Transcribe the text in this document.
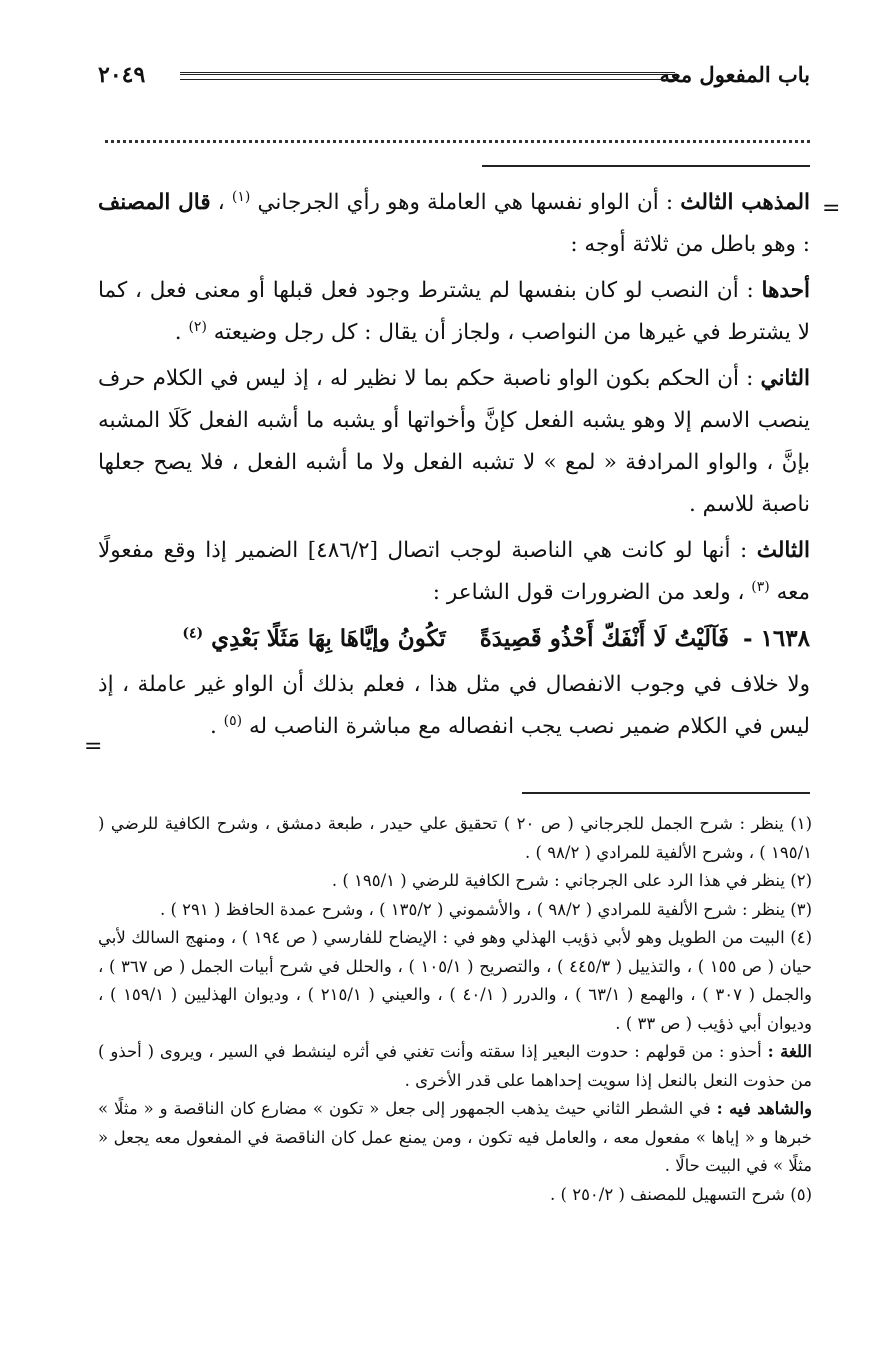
باب المفعول معه
٢٠٤٩
=
=

المذهب الثالث : أن الواو نفسها هي العاملة وهو رأي الجرجاني $^{(١)}$ ، قال المصنف : وهو باطل من ثلاثة أوجه :

أحدها : أن النصب لو كان بنفسها لم يشترط وجود فعل قبلها أو معنى فعل ، كما لا يشترط في غيرها من النواصب ، ولجاز أن يقال : كل رجل وضيعته $^{(٢)}$ .

الثاني : أن الحكم بكون الواو ناصبة حكم بما لا نظير له ، إذ ليس في الكلام حرف ينصب الاسم إلا وهو يشبه الفعل كإنَّ وأخواتها أو يشبه ما أشبه الفعل كَلَا المشبه بإنَّ ، والواو المرادفة « لمع » لا تشبه الفعل ولا ما أشبه الفعل ، فلا يصح جعلها ناصبة للاسم .

الثالث : أنها لو كانت هي الناصبة لوجب اتصال [٤٨٦/٢] الضمير إذا وقع مفعولًا معه $^{(٣)}$ ، ولعد من الضرورات قول الشاعر :

١٦٣٨ - فَآلَيْتُ لَا أَنْفَكّ أَحْذُو قَصِيدَةً تَكُونُ وإيَّاهَا بِهَا مَثَلًا بَعْدِي $^{(٤)}$

ولا خلاف في وجوب الانفصال في مثل هذا ، فعلم بذلك أن الواو غير عاملة ، إذ ليس في الكلام ضمير نصب يجب انفصاله مع مباشرة الناصب له $^{(٥)}$ .

(١) ينظر : شرح الجمل للجرجاني ( ص ٢٠ ) تحقيق علي حيدر ، طبعة دمشق ، وشرح الكافية للرضي ( ١٩٥/١ ) ، وشرح الألفية للمرادي ( ٩٨/٢ ) .

(٢) ينظر في هذا الرد على الجرجاني : شرح الكافية للرضي ( ١٩٥/١ ) .

(٣) ينظر : شرح الألفية للمرادي ( ٩٨/٢ ) ، والأشموني ( ١٣٥/٢ ) ، وشرح عمدة الحافظ ( ٢٩١ ) .

(٤) البيت من الطويل وهو لأبي ذؤيب الهذلي وهو في : الإيضاح للفارسي ( ص ١٩٤ ) ، ومنهج السالك لأبي حيان ( ص ١٥٥ ) ، والتذييل ( ٤٤٥/٣ ) ، والتصريح ( ١٠٥/١ ) ، والحلل في شرح أبيات الجمل ( ص ٣٦٧ ) ، والجمل ( ٣٠٧ ) ، والهمع ( ٦٣/١ ) ، والدرر ( ٤٠/١ ) ، والعيني ( ٢١٥/١ ) ، وديوان الهذليين ( ١٥٩/١ ) ، وديوان أبي ذؤيب ( ص ٣٣ ) .

اللغة : أحذو : من قولهم : حدوت البعير إذا سقته وأنت تغني في أثره لينشط في السير ، ويروى ( أحذو ) من حذوت النعل بالنعل إذا سويت إحداهما على قدر الأخرى .

والشاهد فيه : في الشطر الثاني حيث يذهب الجمهور إلى جعل « تكون » مضارع كان الناقصة و « مثلًا » خبرها و « إياها » مفعول معه ، والعامل فيه تكون ، ومن يمنع عمل كان الناقصة في المفعول معه يجعل « مثلًا » في البيت حالًا .

(٥) شرح التسهيل للمصنف ( ٢٥٠/٢ ) .
